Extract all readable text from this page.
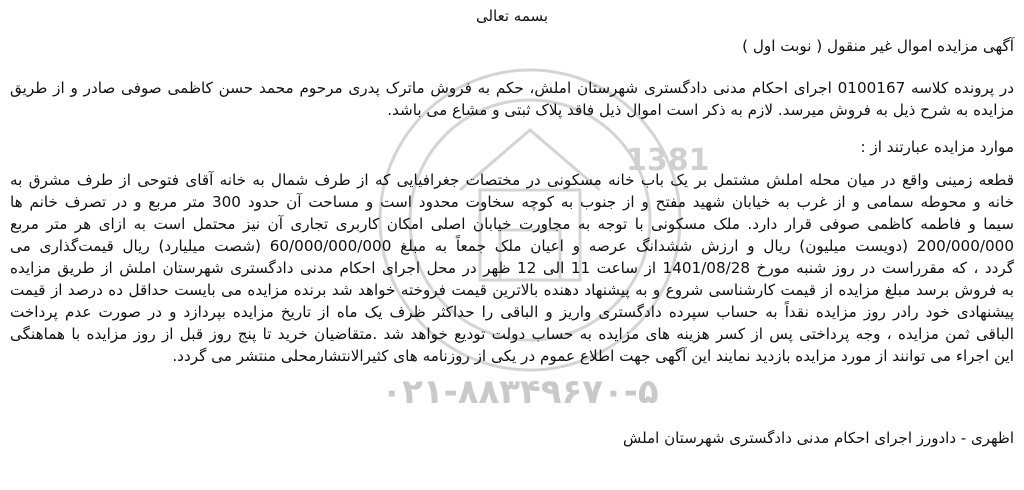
1381
۰۲۱-۸۸۳۴۹۶۷۰-۵
بسمه تعالی
آگهی مزایده اموال غیر منقول ( نوبت اول )
در پرونده کلاسه 0100167 اجرای احکام مدنی دادگستری شهرستان املش، حکم به فروش ماترک پدری مرحوم محمد حسن کاظمی صوفی صادر و از طریق
مزایده به شرح ذیل به فروش میرسد. لازم به ذکر است اموال ذیل فاقد پلاک ثبتی و مشاع می باشد.
موارد مزایده عبارتند از :
قطعه زمینی واقع در میان محله املش مشتمل بر یک باب خانه مسکونی در مختصات جغرافیایی که از طرف شمال به خانه آقای فتوحی از طرف مشرق به
خانه و محوطه سمامی و از غرب به خیابان شهید مفتح و از جنوب به کوچه سخاوت محدود است و مساحت آن حدود 300 متر مربع و در تصرف خانم ها
سیما و فاطمه کاظمی صوفی قرار دارد. ملک مسکونی با توجه به مجاورت خیابان اصلی امکان کاربری تجاری آن نیز محتمل است به ازای هر متر مربع
200/000/000 (دویست میلیون) ریال و ارزش ششدانگ عرصه و اعیان ملک جمعاً به مبلغ 60/000/000/000 (شصت میلیارد) ریال قیمت‌گذاری می
گردد ، که مقرراست در روز شنبه مورخ 1401/08/28 از ساعت 11 الی 12 ظهر در محل اجرای احکام مدنی دادگستری شهرستان املش از طریق مزایده
به فروش برسد مبلغ مزایده از قیمت کارشناسی شروع و به پیشنهاد دهنده بالاترین قیمت فروخته خواهد شد برنده مزایده می بایست حداقل ده درصد از قیمت
پیشنهادی خود رادر روز مزایده نقداً به حساب سپرده دادگستری واریز و الباقی را حداکثر ظرف یک ماه از تاریخ مزایده بپردازد و در صورت عدم پرداخت
الباقی ثمن مزایده ، وجه پرداختی پس از کسر هزینه های مزایده به حساب دولت تودیع خواهد شد .متقاضیان خرید تا پنج روز قبل از روز مزایده با هماهنگی
این اجراء می توانند از مورد مزایده بازدید نمایند این آگهی جهت اطلاع عموم در یکی از روزنامه های کثیرالانتشارمحلی منتشر می گردد.
اظهری - دادورز اجرای احکام مدنی دادگستری شهرستان املش
